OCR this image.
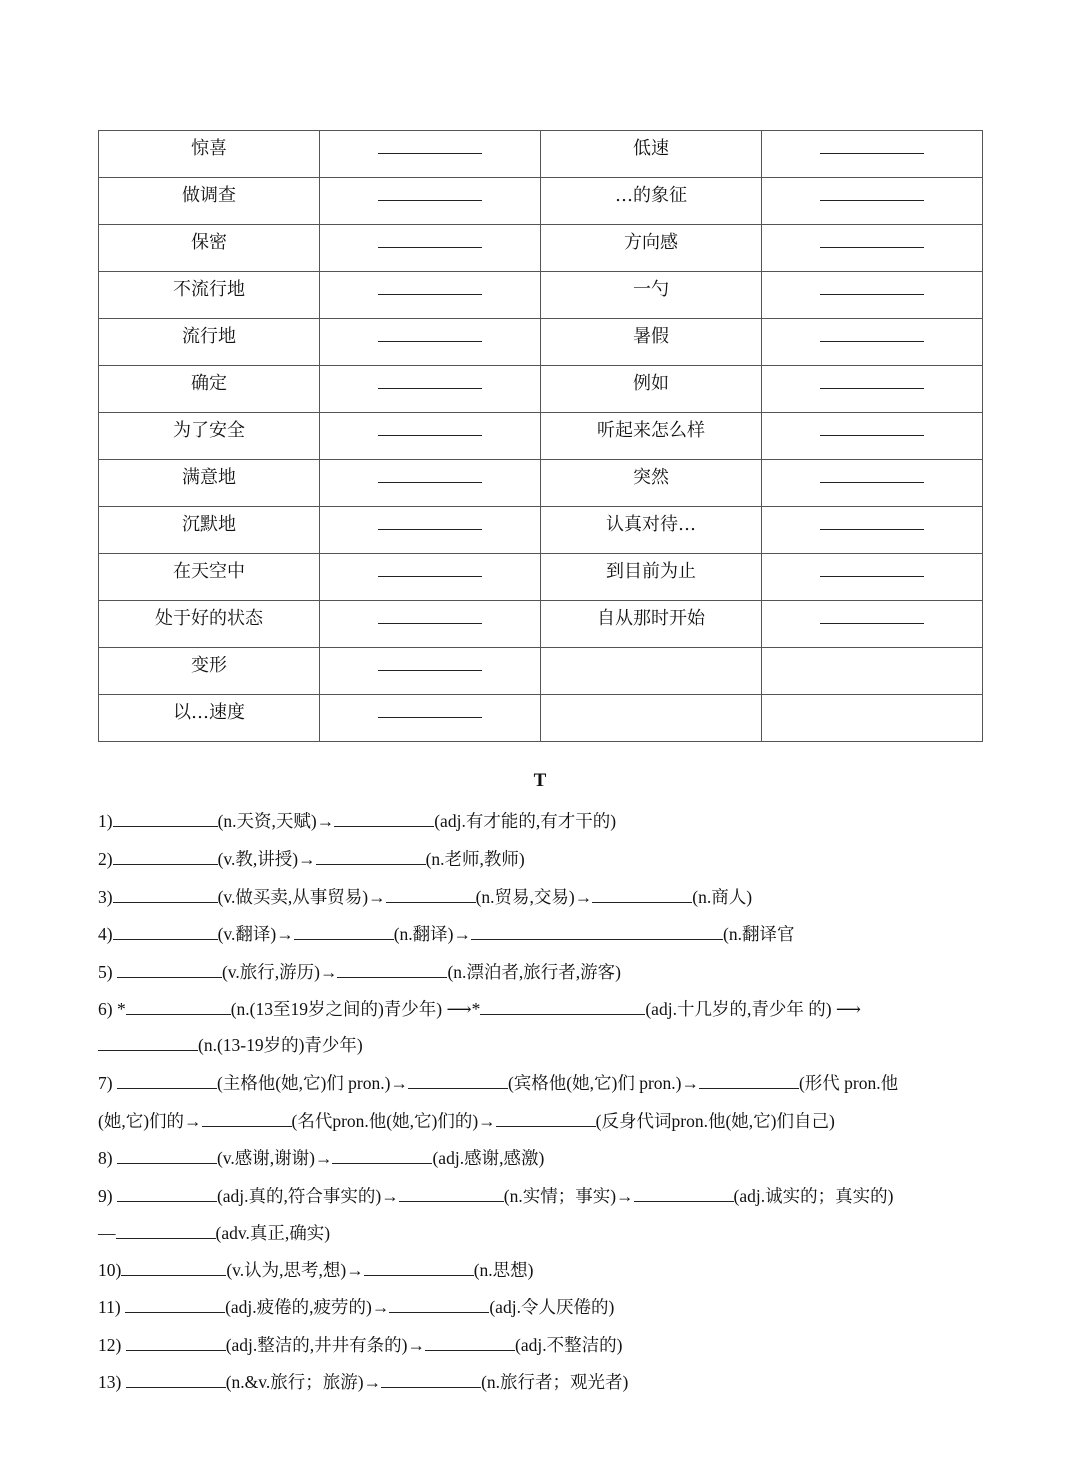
惊喜		低速	
做调查		…的象征	
保密		方向感	
不流行地		一勺	
流行地		暑假	
确定		例如	
为了安全		听起来怎么样	
满意地		突然	
沉默地		认真对待…	
在天空中		到目前为止	
处于好的状态		自从那时开始	
变形			
以…速度			
T
1)	(n.天资,天赋)→	(adj.有才能的,有才干的)
2)	(v.教,讲授)→	(n.老师,教师)
3)	(v.做买卖,从事贸易)→	(n.贸易,交易)→	(n.商人)
4)	(v.翻译)→	(n.翻译)→	(n.翻译官
5)	(v.旅行,游历)→	(n.漂泊者,旅行者,游客)
6) *	(n.(13至19岁之间的)青少年) ⟶*	(adj.十几岁的,青少年 的) ⟶
(n.(13-19岁的)青少年)
7)	(主格他(她,它)们 pron.)→	(宾格他(她,它)们 pron.)→	(形代 pron.他
(她,它)们的→	(名代pron.他(她,它)们的)→	(反身代词pron.他(她,它)们自己)
8)	(v.感谢,谢谢)→	(adj.感谢,感激)
9)	(adj.真的,符合事实的)→	(n.实情；事实)→	(adj.诚实的；真实的)
—	(adv.真正,确实)
10)	(v.认为,思考,想)→	(n.思想)
11)	(adj.疲倦的,疲劳的)→	(adj.令人厌倦的)
12)	(adj.整洁的,井井有条的)→	(adj.不整洁的)
13)	(n.&v.旅行；旅游)→	(n.旅行者；观光者)
